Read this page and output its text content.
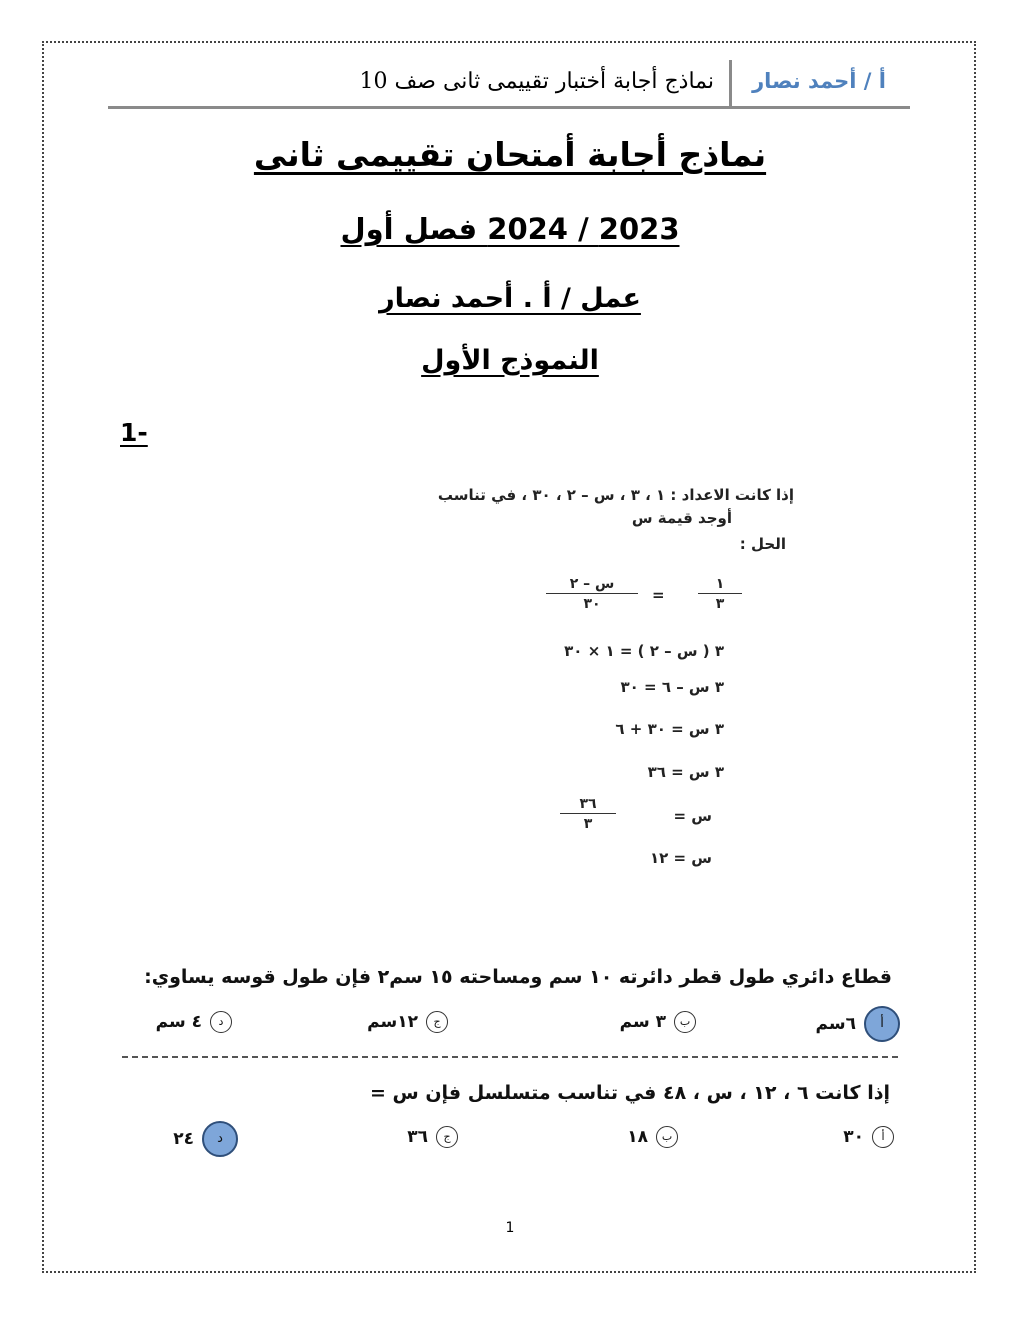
أ / أحمد نصار
نماذج أجابة أختبار تقييمى ثانى صف 10
نماذج أجابة أمتحان تقييمى ثانى
2023 / 2024 فصل أول
عمل / أ . أحمد نصار
النموذج الأول
1-
إذا كانت الاعداد : ١ ، ٣ ، س – ٢ ، ٣٠ ، في تناسب
أوجد قيمة س
الحل :
١
٣
=
س – ٢
٣٠
٣ ( س – ٢ ) = ١ × ٣٠
٣ س – ٦ = ٣٠
٣ س = ٣٠ + ٦
٣ س = ٣٦
س =
٣٦
٣
س = ١٢
قطاع دائري طول قطر دائرته ١٠ سم ومساحته ١٥ سم٢ فإن طول قوسه يساوي:
أ٦سم
ب٣ سم
ج١٢سم
د٤ سم
إذا كانت ٦ ، ١٢ ، س ، ٤٨ في تناسب متسلسل فإن س =
أ٣٠
ب١٨
ج٣٦
د٢٤
1
